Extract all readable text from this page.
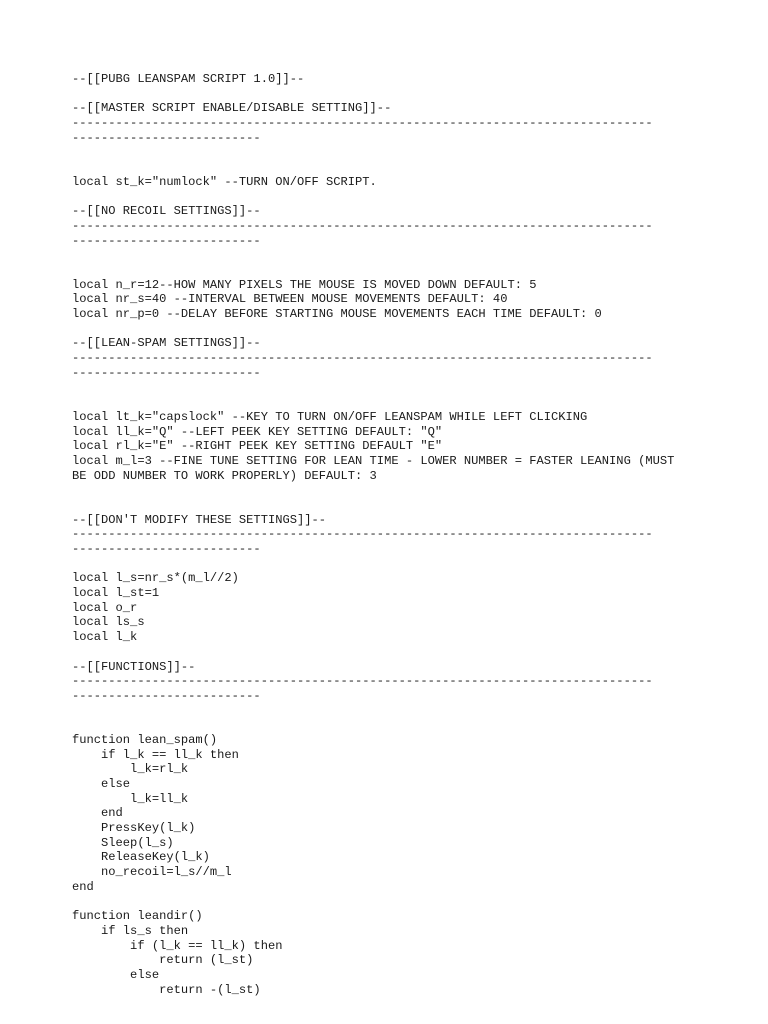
--[[PUBG LEANSPAM SCRIPT 1.0]]--
--[[MASTER SCRIPT ENABLE/DISABLE SETTING]]--
--------------------------------------------------------------------------------
--------------------------
local st_k="numlock" --TURN ON/OFF SCRIPT.
--[[NO RECOIL SETTINGS]]--
--------------------------------------------------------------------------------
--------------------------
local n_r=12--HOW MANY PIXELS THE MOUSE IS MOVED DOWN DEFAULT: 5
local nr_s=40 --INTERVAL BETWEEN MOUSE MOVEMENTS DEFAULT: 40
local nr_p=0 --DELAY BEFORE STARTING MOUSE MOVEMENTS EACH TIME DEFAULT: 0
--[[LEAN-SPAM SETTINGS]]--
--------------------------------------------------------------------------------
--------------------------
local lt_k="capslock" --KEY TO TURN ON/OFF LEANSPAM WHILE LEFT CLICKING
local ll_k="Q" --LEFT PEEK KEY SETTING DEFAULT: "Q"
local rl_k="E" --RIGHT PEEK KEY SETTING DEFAULT "E"
local m_l=3 --FINE TUNE SETTING FOR LEAN TIME - LOWER NUMBER = FASTER LEANING (MUST
BE ODD NUMBER TO WORK PROPERLY) DEFAULT: 3
--[[DON'T MODIFY THESE SETTINGS]]--
--------------------------------------------------------------------------------
--------------------------
local l_s=nr_s*(m_l//2)
local l_st=1
local o_r
local ls_s
local l_k
--[[FUNCTIONS]]--
--------------------------------------------------------------------------------
--------------------------
function lean_spam()
if l_k == ll_k then
l_k=rl_k
else
l_k=ll_k
end
PressKey(l_k)
Sleep(l_s)
ReleaseKey(l_k)
no_recoil=l_s//m_l
end
function leandir()
if ls_s then
if (l_k == ll_k) then
return (l_st)
else
return -(l_st)
